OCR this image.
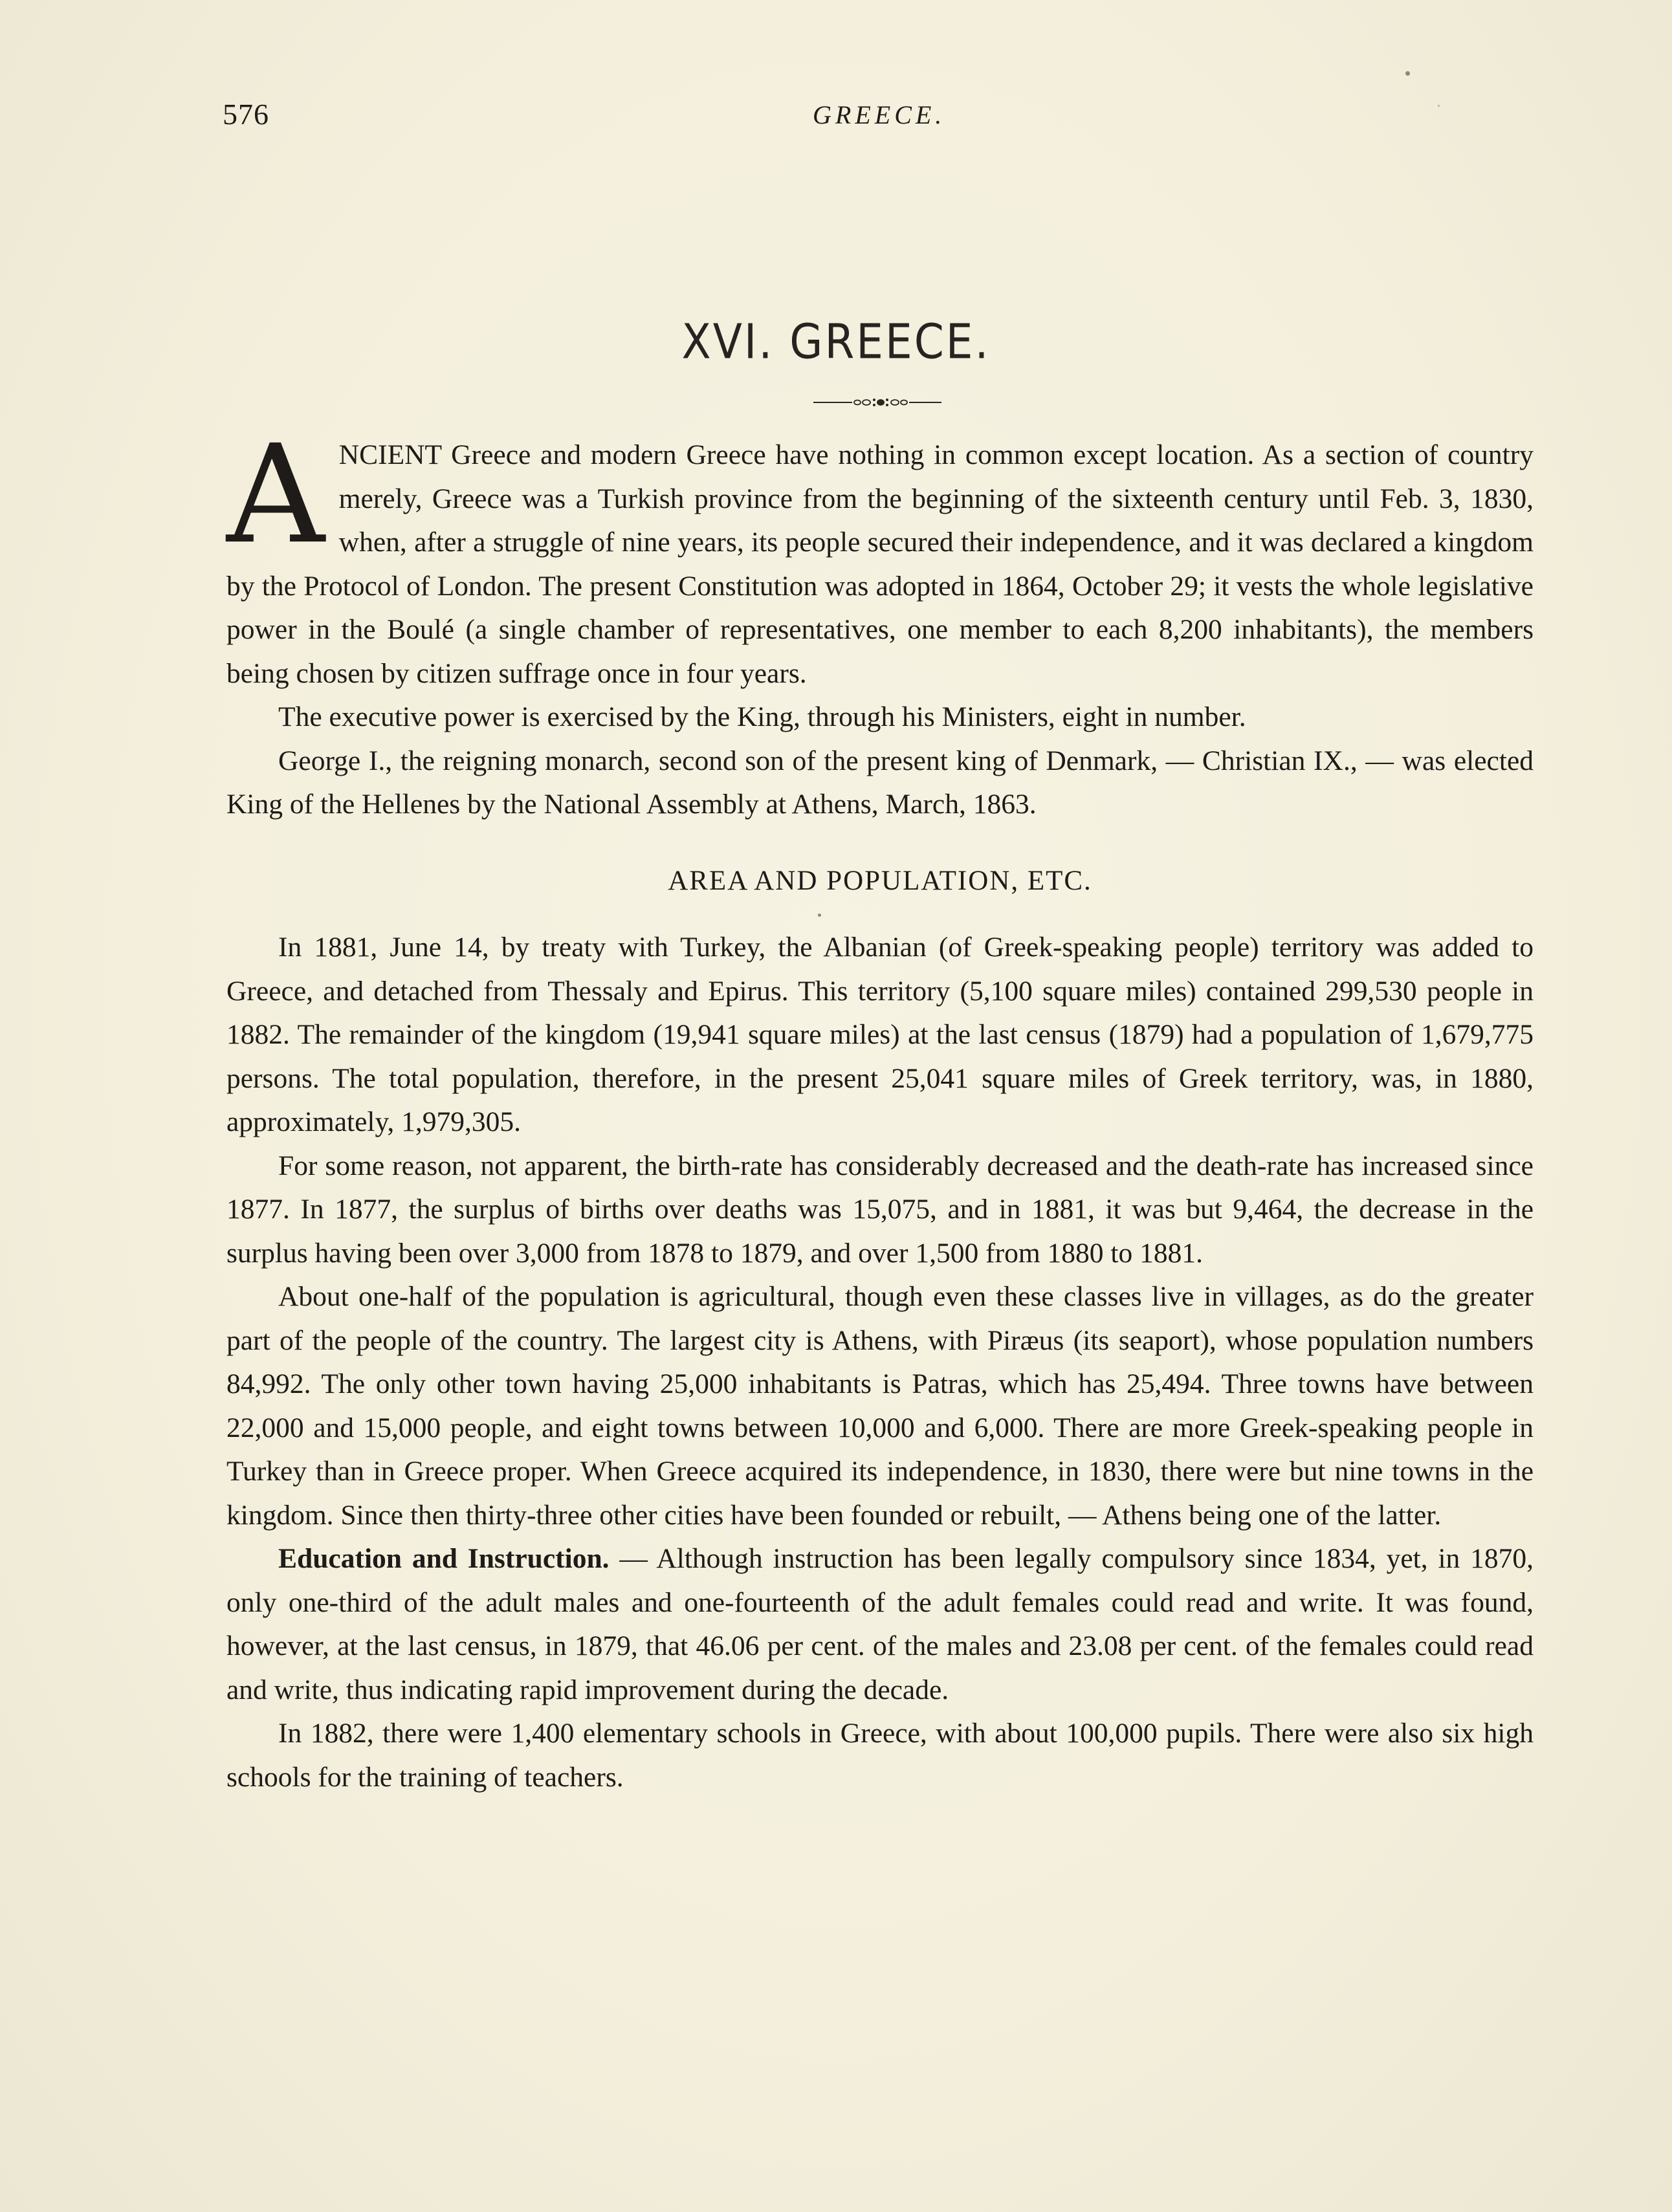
576	GREECE.
XVI. GREECE.

ANCIENT Greece and modern Greece have nothing in common except location. As a section of country merely, Greece was a Turkish province from the beginning of the sixteenth century until Feb. 3, 1830, when, after a struggle of nine years, its people secured their independence, and it was declared a kingdom by the Protocol of London. The present Constitution was adopted in 1864, October 29; it vests the whole legislative power in the Boulé (a single chamber of representatives, one member to each 8,200 inhabitants), the members being chosen by citizen suffrage once in four years.

The executive power is exercised by the King, through his Ministers, eight in number.

George I., the reigning monarch, second son of the present king of Denmark, — Christian IX., — was elected King of the Hellenes by the National Assembly at Athens, March, 1863.

AREA AND POPULATION, ETC.

In 1881, June 14, by treaty with Turkey, the Albanian (of Greek-speaking people) territory was added to Greece, and detached from Thessaly and Epirus. This territory (5,100 square miles) contained 299,530 people in 1882. The remainder of the kingdom (19,941 square miles) at the last census (1879) had a population of 1,679,775 persons. The total population, therefore, in the present 25,041 square miles of Greek territory, was, in 1880, approximately, 1,979,305.

For some reason, not apparent, the birth-rate has considerably decreased and the death-rate has increased since 1877. In 1877, the surplus of births over deaths was 15,075, and in 1881, it was but 9,464, the decrease in the surplus having been over 3,000 from 1878 to 1879, and over 1,500 from 1880 to 1881.

About one-half of the population is agricultural, though even these classes live in villages, as do the greater part of the people of the country. The largest city is Athens, with Piræus (its seaport), whose population numbers 84,992. The only other town having 25,000 inhabitants is Patras, which has 25,494. Three towns have between 22,000 and 15,000 people, and eight towns between 10,000 and 6,000. There are more Greek-speaking people in Turkey than in Greece proper. When Greece acquired its independence, in 1830, there were but nine towns in the kingdom. Since then thirty-three other cities have been founded or rebuilt, — Athens being one of the latter.

Education and Instruction. — Although instruction has been legally compulsory since 1834, yet, in 1870, only one-third of the adult males and one-fourteenth of the adult females could read and write. It was found, however, at the last census, in 1879, that 46.06 per cent. of the males and 23.08 per cent. of the females could read and write, thus indicating rapid improvement during the decade.

In 1882, there were 1,400 elementary schools in Greece, with about 100,000 pupils. There were also six high schools for the training of teachers.
